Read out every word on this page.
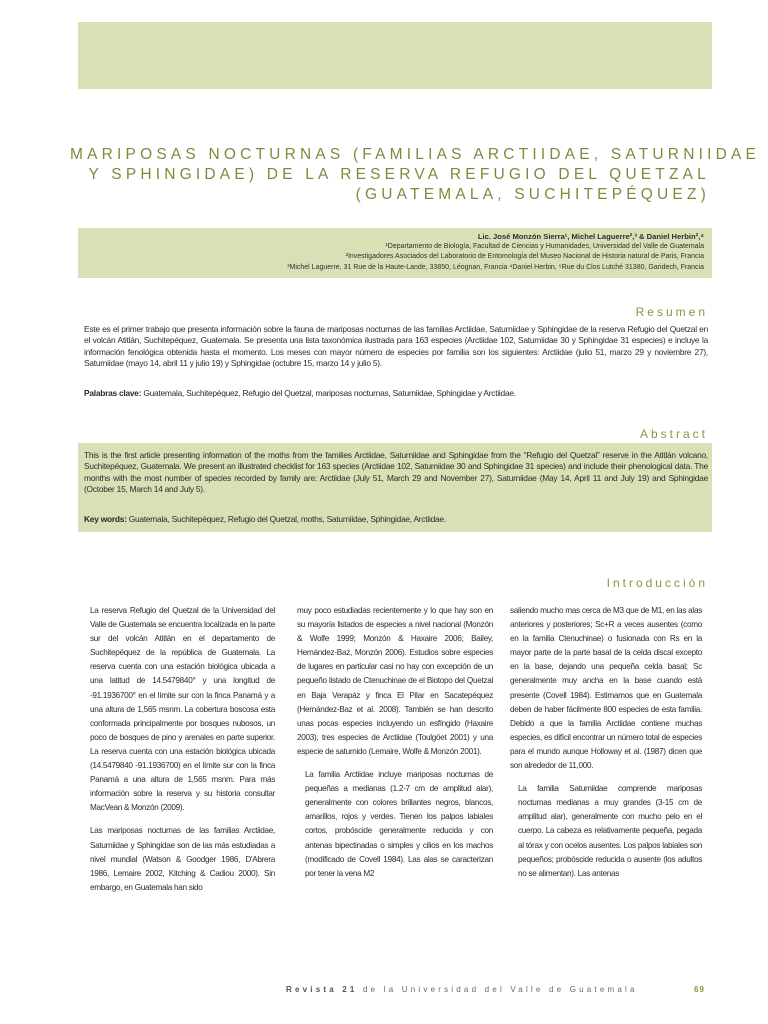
MARIPOSAS NOCTURNAS (FAMILIAS ARCTIIDAE, SATURNIIDAE
Y SPHINGIDAE) DE LA RESERVA REFUGIO DEL QUETZAL
(GUATEMALA, SUCHITEPÉQUEZ)
Lic. José Monzón Sierra¹, Michel Laguerre²,³ & Daniel Herbin²,⁴
¹Departamento de Biología, Facultad de Ciencias y Humanidades, Universidad del Valle de Guatemala
²Investigadores Asociados del Laboratorio de Entomología del Museo Nacional de Historia natural de Paris, Francia
³Michel Laguerre, 31 Rue de la Haute-Lande, 33850, Léognan, Francia ⁴Daniel Herbin, ⁵Rue du Clos Lutché 31380, Garidech, Francia
Resumen

Este es el primer trabajo que presenta información sobre la fauna de mariposas nocturnas de las familias Arctiidae, Saturniidae y Sphingidae de la reserva Refugio del Quetzal en el volcán Atitlán, Suchitepéquez, Guatemala. Se presenta una lista taxonómica ilustrada para 163 especies (Arctiidae 102, Saturniidae 30 y Sphingidae 31 especies) e incluye la información fenológica obtenida hasta el momento. Los meses con mayor número de especies por familia son los siguientes: Arctiidae (julio 51, marzo 29 y noviembre 27), Saturniidae (mayo 14, abril 11 y julio 19) y Sphingidae (octubre 15, marzo 14 y julio 5).

Palabras clave: Guatemala, Suchitepéquez, Refugio del Quetzal, mariposas nocturnas, Saturniidae, Sphingidae y Arctiidae.
Abstract

This is the first article presenting information of the moths from the families Arctiidae, Saturniidae and Sphingidae from the “Refugio del Quetzal” reserve in the Atitlán volcano, Suchitepéquez, Guatemala. We present an illustrated checklist for 163 species (Arctiidae 102, Saturniidae 30 and Sphingidae 31 species) and include their phenological data. The months with the most number of species recorded by family are: Arctiidae (July 51, March 29 and November 27), Saturniidae (May 14, April 11 and July 19) and Sphingidae (October 15, March 14 and July 5).

Key words: Guatemala, Suchitepéquez, Refugio del Quetzal, moths, Saturniidae, Sphingidae, Arctiidae.
Introducción

La reserva Refugio del Quetzal de la Universidad del Valle de Guatemala se encuentra localizada en la parte sur del volcán Atitlán en el departamento de Suchitepéquez de la república de Guatemala. La reserva cuenta con una estación biológica ubicada a una latitud de 14.5479840° y una longitud de -91.1936700° en el límite sur con la finca Panamá y a una altura de 1,565 msnm. La cobertura boscosa esta conformada principalmente por bosques nubosos, un poco de bosques de pino y arenales en parte superior. La reserva cuenta con una estación biológica ubicada (14.5479840 -91.1936700) en el límite sur con la finca Panamá a una altura de 1,565 msnm. Para más información sobre la reserva y su historia consultar MacVean & Monzón (2009).

Las mariposas nocturnas de las familias Arctiidae, Saturniidae y Sphingidae son de las más estudiadas a nivel mundial (Watson & Goodger 1986, D'Abrera 1986, Lemaire 2002, Kitching & Cadiou 2000). Sin embargo, en Guatemala han sido

muy poco estudiadas recientemente y lo que hay son en su mayoría listados de especies a nivel nacional (Monzón & Wolfe 1999; Monzón & Haxaire 2006; Bailey, Hernández-Baz, Monzón 2006). Estudios sobre especies de lugares en particular casi no hay con excepción de un pequeño listado de Ctenuchinae de el Biotopo del Quetzal en Baja Verapáz y finca El Pilar en Sacatepéquez (Hernández-Baz et al. 2008). También se han descrito unas pocas especies incluyendo un esfíngido (Haxaire 2003), tres especies de Arctiidae (Toulgöet 2001) y una especie de saturnido (Lemaire, Wolfe & Monzón 2001).

La familia Arctiidae incluye mariposas nocturnas de pequeñas a medianas (1.2-7 cm de amplitud alar), generalmente con colores brillantes negros, blancos, amarillos, rojos y verdes. Tienen los palpos labiales cortos, probóscide generalmente reducida y con antenas bipectinadas o simples y cilios en los machos (modificado de Covell 1984). Las alas se caracterizan por tener la vena M2

saliendo mucho mas cerca de M3 que de M1, en las alas anteriores y posteriores; Sc+R a veces ausentes (como en la familia Ctenuchinae) o fusionada con Rs en la mayor parte de la parte basal de la celda discal excepto en la base, dejando una pequeña celda basal; Sc generalmente muy ancha en la base cuando está presente (Covell 1984). Estimamos que en Guatemala deben de haber fácilmente 800 especies de esta familia. Debido a que la familia Arctiidae contiene muchas especies, es difícil encontrar un número total de especies para el mundo aunque Holloway et al. (1987) dicen que son alrededor de 11,000.

La familia Saturniidae comprende mariposas nocturnas medianas a muy grandes (3-15 cm de amplitud alar), generalmente con mucho pelo en el cuerpo. La cabeza es relativamente pequeña, pegada al tórax y con ocelos ausentes. Los palpos labiales son pequeños; probóscide reducida o ausente (los adultos no se alimentan). Las antenas

Revista 21 de la Universidad del Valle de Guatemala	69
